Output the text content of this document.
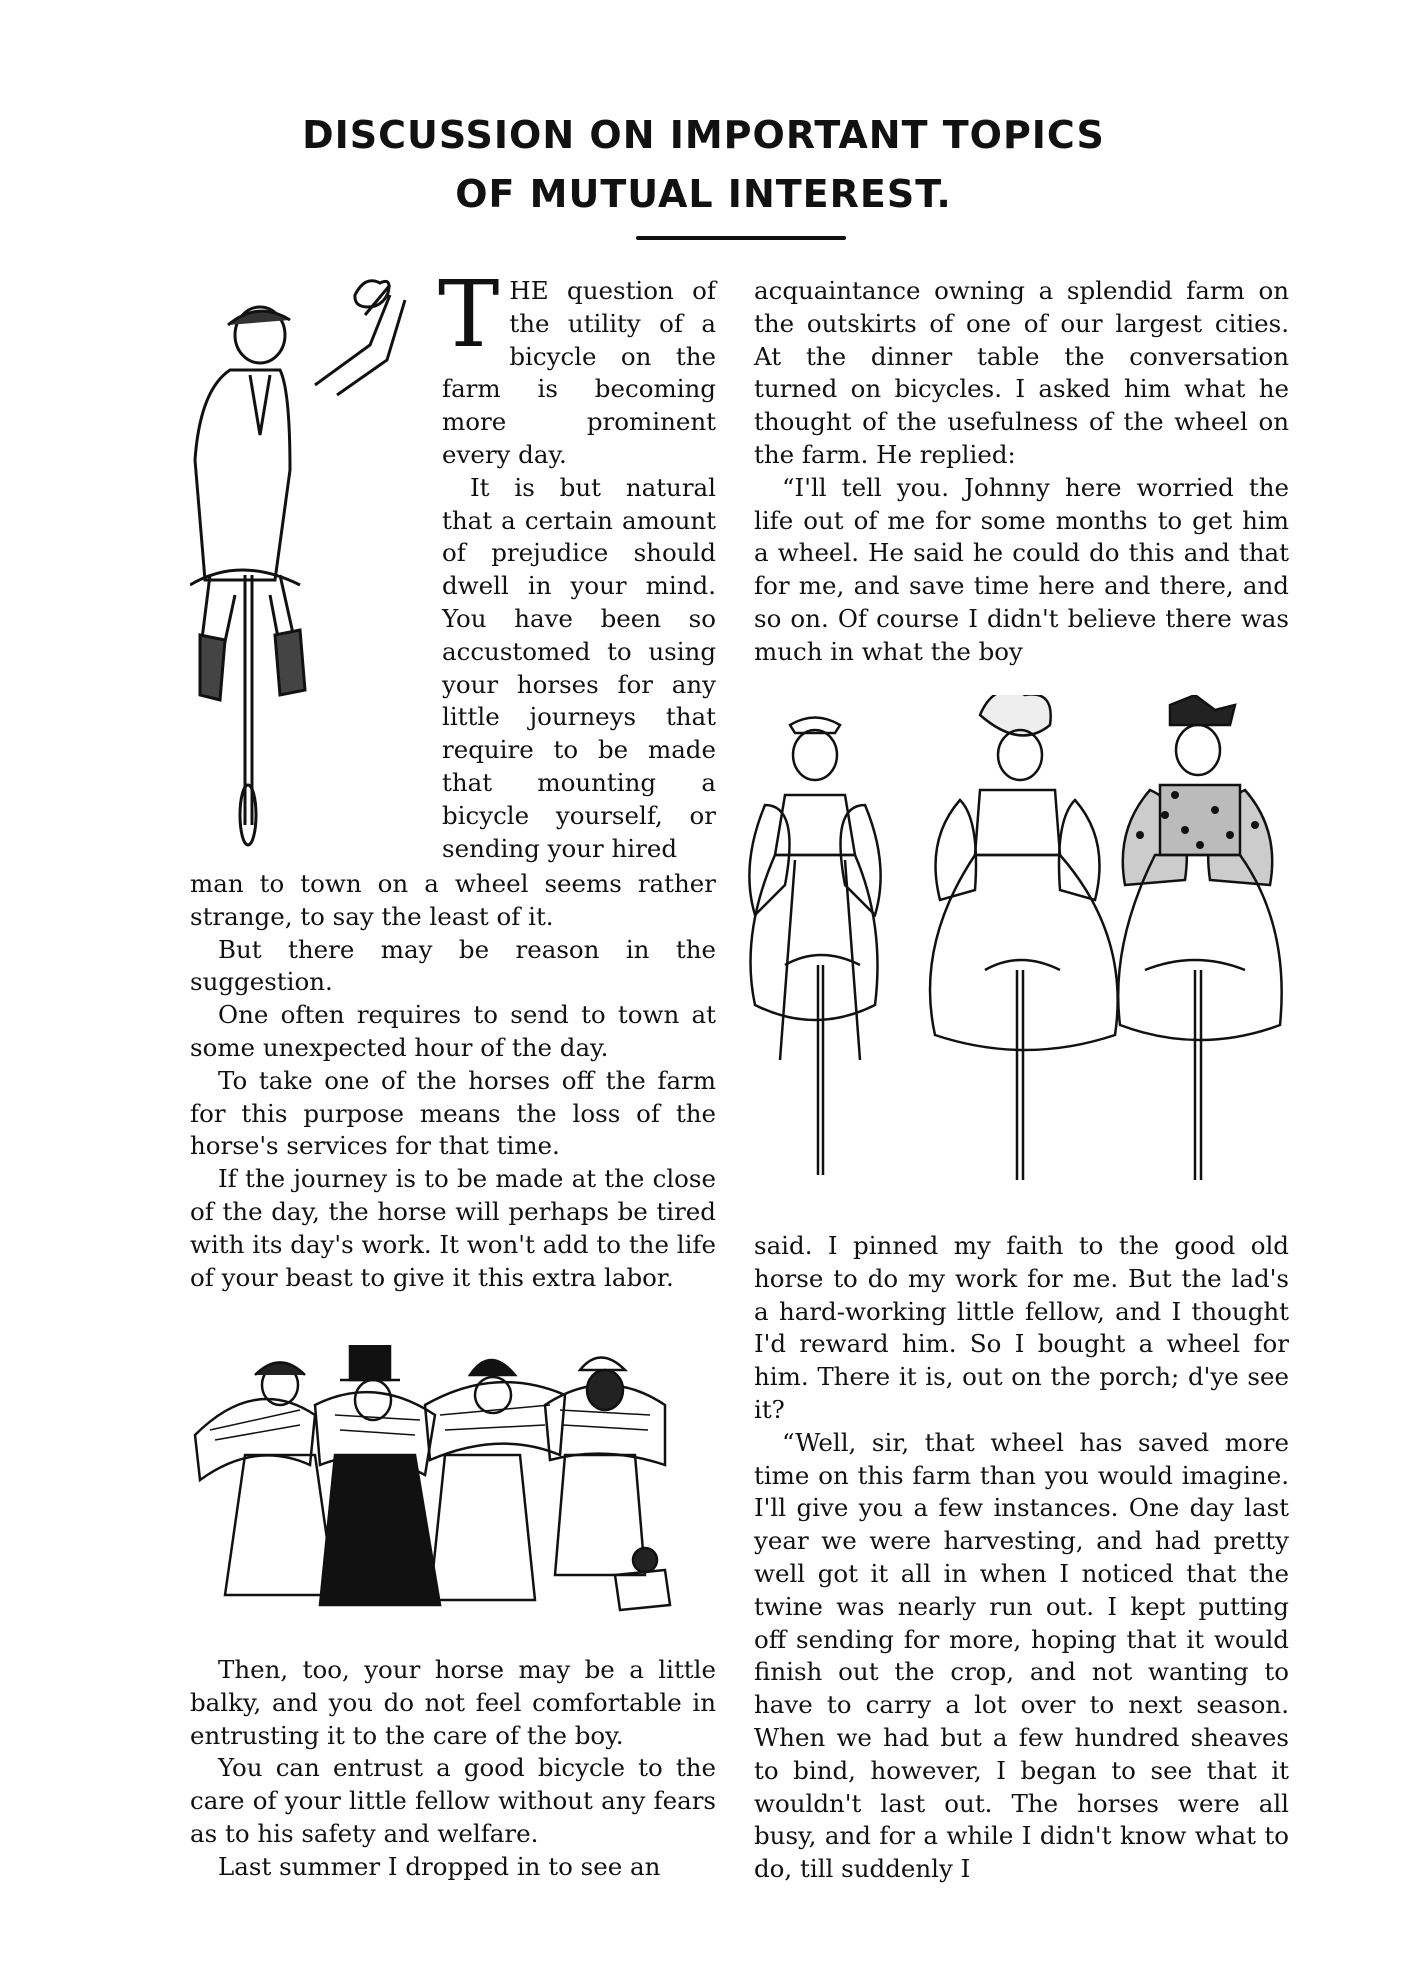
DISCUSSION ON IMPORTANT TOPICS
OF MUTUAL INTEREST.

T HE question of the utility of a bicycle on the farm is becoming more prominent every day.

It is but natural that a certain amount of prejudice should dwell in your mind. You have been so accustomed to using your horses for any little journeys that require to be made that mounting a bicycle yourself, or sending your hired

man to town on a wheel seems rather strange, to say the least of it.

But there may be reason in the suggestion.

One often requires to send to town at some unexpected hour of the day.

To take one of the horses off the farm for this purpose means the loss of the horse's services for that time.

If the journey is to be made at the close of the day, the horse will perhaps be tired with its day's work. It won't add to the life of your beast to give it this extra labor.

Then, too, your horse may be a little balky, and you do not feel comfortable in entrusting it to the care of the boy.

You can entrust a good bicycle to the care of your little fellow without any fears as to his safety and welfare.

Last summer I dropped in to see an

acquaintance owning a splendid farm on the outskirts of one of our largest cities. At the dinner table the conversation turned on bicycles. I asked him what he thought of the usefulness of the wheel on the farm. He replied:

“I'll tell you. Johnny here worried the life out of me for some months to get him a wheel. He said he could do this and that for me, and save time here and there, and so on. Of course I didn't believe there was much in what the boy

said. I pinned my faith to the good old horse to do my work for me. But the lad's a hard-working little fellow, and I thought I'd reward him. So I bought a wheel for him. There it is, out on the porch; d'ye see it?

“Well, sir, that wheel has saved more time on this farm than you would imagine. I'll give you a few instances. One day last year we were harvesting, and had pretty well got it all in when I noticed that the twine was nearly run out. I kept putting off sending for more, hoping that it would finish out the crop, and not wanting to have to carry a lot over to next season. When we had but a few hundred sheaves to bind, however, I began to see that it wouldn't last out. The horses were all busy, and for a while I didn't know what to do, till suddenly I
